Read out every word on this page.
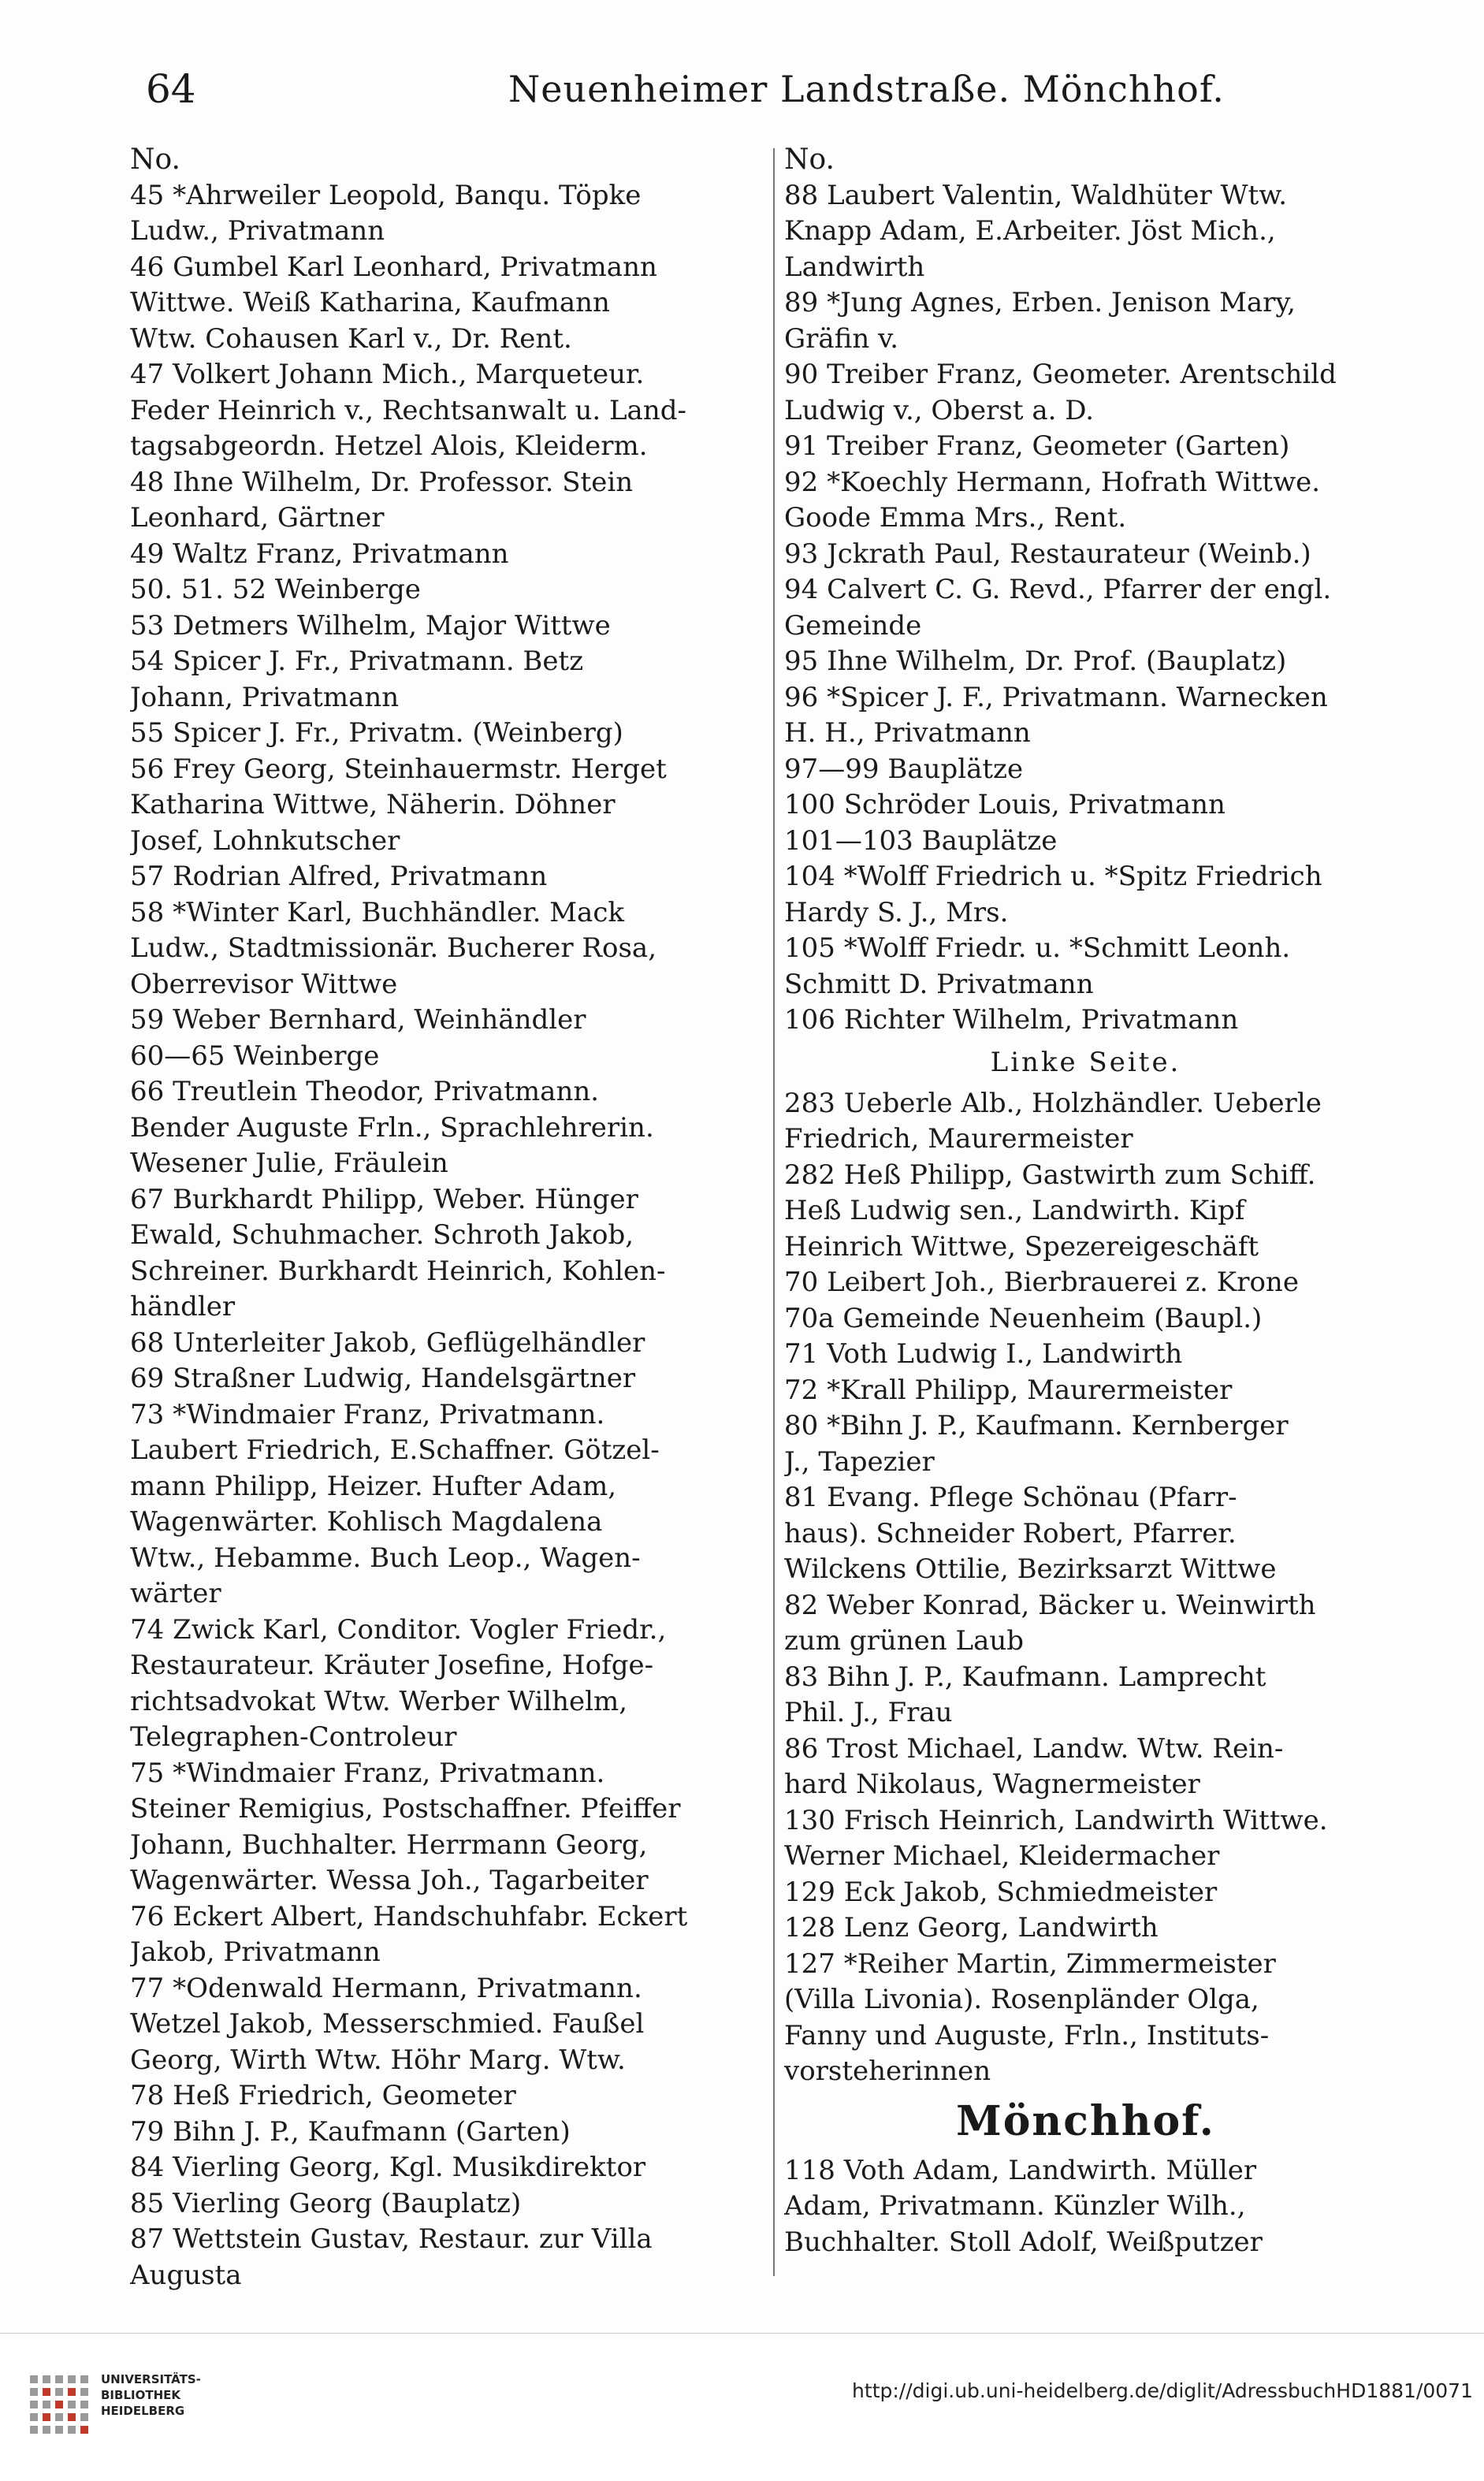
64	Neuenheimer Landstraße. Mönchhof.
No.
45 *Ahrweiler Leopold, Banqu. Töpke
Ludw., Privatmann
46 Gumbel Karl Leonhard, Privatmann
Wittwe. Weiß Katharina, Kaufmann
Wtw. Cohausen Karl v., Dr. Rent.
47 Volkert Johann Mich., Marqueteur.
Feder Heinrich v., Rechtsanwalt u. Land-
tagsabgeordn. Hetzel Alois, Kleiderm.
48 Ihne Wilhelm, Dr. Professor. Stein
Leonhard, Gärtner
49 Waltz Franz, Privatmann
50. 51. 52 Weinberge
53 Detmers Wilhelm, Major Wittwe
54 Spicer J. Fr., Privatmann. Betz
Johann, Privatmann
55 Spicer J. Fr., Privatm. (Weinberg)
56 Frey Georg, Steinhauermstr. Herget
Katharina Wittwe, Näherin. Döhner
Josef, Lohnkutscher
57 Rodrian Alfred, Privatmann
58 *Winter Karl, Buchhändler. Mack
Ludw., Stadtmissionär. Bucherer Rosa,
Oberrevisor Wittwe
59 Weber Bernhard, Weinhändler
60—65 Weinberge
66 Treutlein Theodor, Privatmann.
Bender Auguste Frln., Sprachlehrerin.
Wesener Julie, Fräulein
67 Burkhardt Philipp, Weber. Hünger
Ewald, Schuhmacher. Schroth Jakob,
Schreiner. Burkhardt Heinrich, Kohlen-
händler
68 Unterleiter Jakob, Geflügelhändler
69 Straßner Ludwig, Handelsgärtner
73 *Windmaier Franz, Privatmann.
Laubert Friedrich, E.Schaffner. Götzel-
mann Philipp, Heizer. Hufter Adam,
Wagenwärter. Kohlisch Magdalena
Wtw., Hebamme. Buch Leop., Wagen-
wärter
74 Zwick Karl, Conditor. Vogler Friedr.,
Restaurateur. Kräuter Josefine, Hofge-
richtsadvokat Wtw. Werber Wilhelm,
Telegraphen-Controleur
75 *Windmaier Franz, Privatmann.
Steiner Remigius, Postschaffner. Pfeiffer
Johann, Buchhalter. Herrmann Georg,
Wagenwärter. Wessa Joh., Tagarbeiter
76 Eckert Albert, Handschuhfabr. Eckert
Jakob, Privatmann
77 *Odenwald Hermann, Privatmann.
Wetzel Jakob, Messerschmied. Faußel
Georg, Wirth Wtw. Höhr Marg. Wtw.
78 Heß Friedrich, Geometer
79 Bihn J. P., Kaufmann (Garten)
84 Vierling Georg, Kgl. Musikdirektor
85 Vierling Georg (Bauplatz)
87 Wettstein Gustav, Restaur. zur Villa
Augusta
No.
88 Laubert Valentin, Waldhüter Wtw.
Knapp Adam, E.Arbeiter. Jöst Mich.,
Landwirth
89 *Jung Agnes, Erben. Jenison Mary,
Gräfin v.
90 Treiber Franz, Geometer. Arentschild
Ludwig v., Oberst a. D.
91 Treiber Franz, Geometer (Garten)
92 *Koechly Hermann, Hofrath Wittwe.
Goode Emma Mrs., Rent.
93 Jckrath Paul, Restaurateur (Weinb.)
94 Calvert C. G. Revd., Pfarrer der engl.
Gemeinde
95 Ihne Wilhelm, Dr. Prof. (Bauplatz)
96 *Spicer J. F., Privatmann. Warnecken
H. H., Privatmann
97—99 Bauplätze
100 Schröder Louis, Privatmann
101—103 Bauplätze
104 *Wolff Friedrich u. *Spitz Friedrich
Hardy S. J., Mrs.
105 *Wolff Friedr. u. *Schmitt Leonh.
Schmitt D. Privatmann
106 Richter Wilhelm, Privatmann
Linke Seite.
283 Ueberle Alb., Holzhändler. Ueberle
Friedrich, Maurermeister
282 Heß Philipp, Gastwirth zum Schiff.
Heß Ludwig sen., Landwirth. Kipf
Heinrich Wittwe, Spezereigeschäft
70 Leibert Joh., Bierbrauerei z. Krone
70a Gemeinde Neuenheim (Baupl.)
71 Voth Ludwig I., Landwirth
72 *Krall Philipp, Maurermeister
80 *Bihn J. P., Kaufmann. Kernberger
J., Tapezier
81 Evang. Pflege Schönau (Pfarr-
haus). Schneider Robert, Pfarrer.
Wilckens Ottilie, Bezirksarzt Wittwe
82 Weber Konrad, Bäcker u. Weinwirth
zum grünen Laub
83 Bihn J. P., Kaufmann. Lamprecht
Phil. J., Frau
86 Trost Michael, Landw. Wtw. Rein-
hard Nikolaus, Wagnermeister
130 Frisch Heinrich, Landwirth Wittwe.
Werner Michael, Kleidermacher
129 Eck Jakob, Schmiedmeister
128 Lenz Georg, Landwirth
127 *Reiher Martin, Zimmermeister
(Villa Livonia). Rosenpländer Olga,
Fanny und Auguste, Frln., Instituts-
vorsteherinnen
Mönchhof.
118 Voth Adam, Landwirth. Müller
Adam, Privatmann. Künzler Wilh.,
Buchhalter. Stoll Adolf, Weißputzer
UNIVERSITÄTS-
BIBLIOTHEK
HEIDELBERG
http://digi.ub.uni-heidelberg.de/diglit/AdressbuchHD1881/0071
